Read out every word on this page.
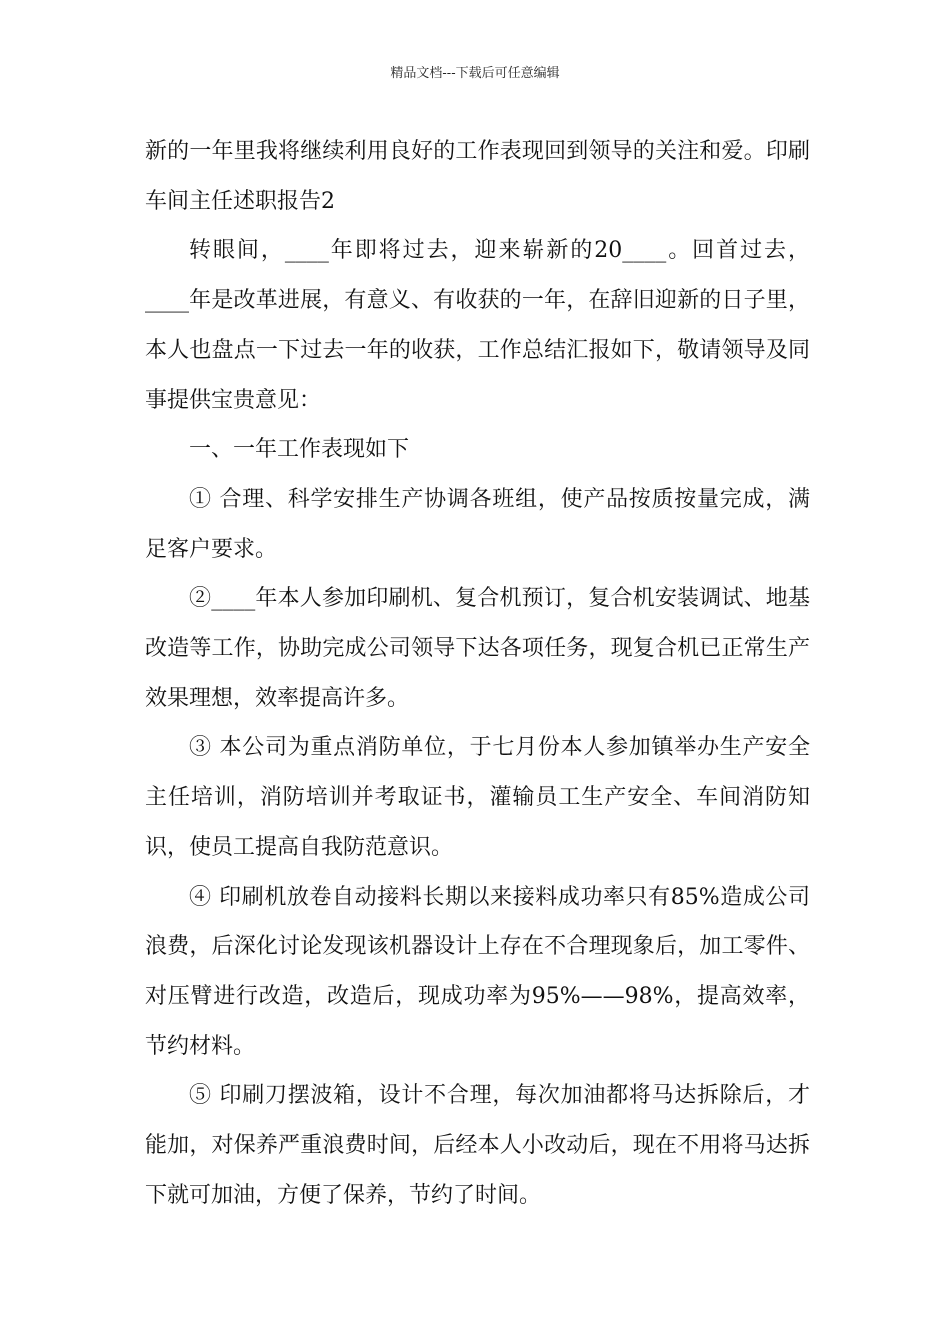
精品文档---下载后可任意编辑

新的一年里我将继续利用良好的工作表现回到领导的关注和爱。印刷车间主任述职报告2

转眼间，____年即将过去，迎来崭新的20____。回首过去，____年是改革进展，有意义、有收获的一年，在辞旧迎新的日子里，本人也盘点一下过去一年的收获，工作总结汇报如下，敬请领导及同事提供宝贵意见：

一、一年工作表现如下

① 合理、科学安排生产协调各班组，使产品按质按量完成，满足客户要求。

②____年本人参加印刷机、复合机预订，复合机安装调试、地基改造等工作，协助完成公司领导下达各项任务，现复合机已正常生产效果理想，效率提高许多。

③ 本公司为重点消防单位，于七月份本人参加镇举办生产安全主任培训，消防培训并考取证书，灌输员工生产安全、车间消防知识，使员工提高自我防范意识。

④ 印刷机放卷自动接料长期以来接料成功率只有85%造成公司浪费，后深化讨论发现该机器设计上存在不合理现象后，加工零件、对压臂进行改造，改造后，现成功率为95%——98%，提高效率，节约材料。

⑤ 印刷刀摆波箱，设计不合理，每次加油都将马达拆除后，才能加，对保养严重浪费时间，后经本人小改动后，现在不用将马达拆下就可加油，方便了保养，节约了时间。
